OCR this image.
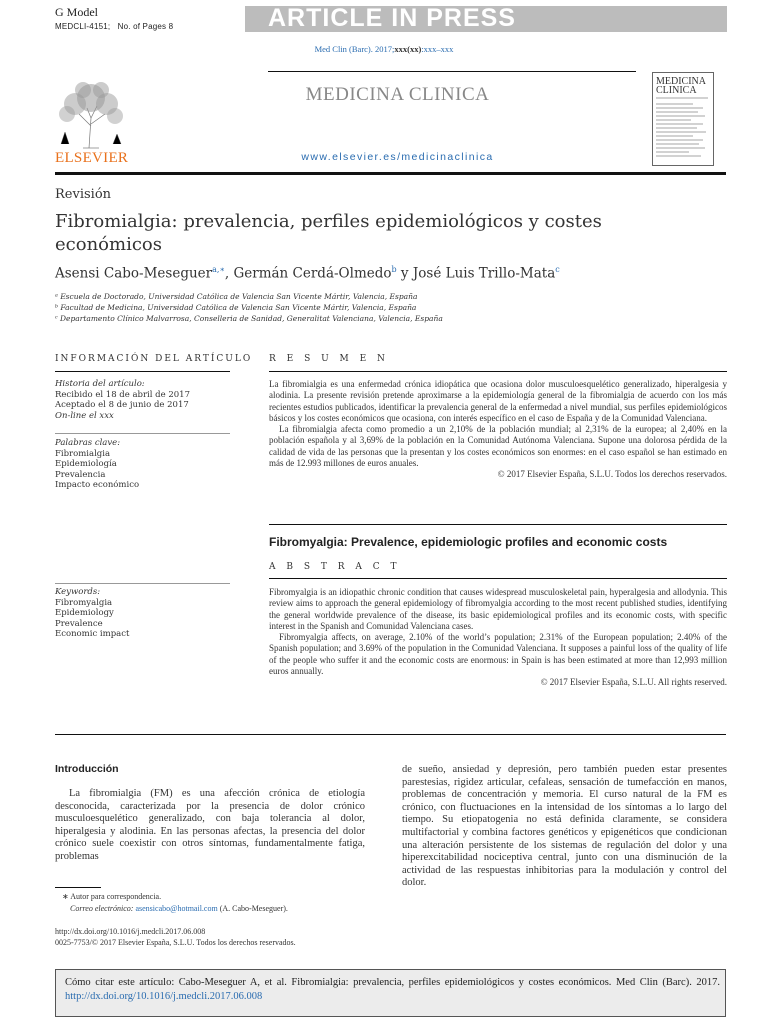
G Model
MEDCLI-4151; No. of Pages 8	ARTICLE IN PRESS
Med Clin (Barc). 2017;xxx(xx):xxx–xxx
ELSEVIER
MEDICINA CLINICA
www.elsevier.es/medicinaclinica
MEDICINA
CLINICA
Revisión
Fibromialgia: prevalencia, perfiles epidemiológicos y costes económicos
Asensi Cabo-Meseguer$^{a,∗}$, Germán Cerdá-Olmedo$^b$ y José Luis Trillo-Mata$^c$
ᵃ Escuela de Doctorado, Universidad Católica de Valencia San Vicente Mártir, Valencia, España
ᵇ Facultad de Medicina, Universidad Católica de Valencia San Vicente Mártir, Valencia, España
ᶜ Departamento Clínico Malvarrosa, Conselleria de Sanidad, Generalitat Valenciana, Valencia, España
INFORMACIÓN DEL ARTÍCULO R E S U M E N
Historia del artículo:
Recibido el 18 de abril de 2017
Aceptado el 8 de junio de 2017
On-line el xxx
Palabras clave:
Fibromialgia
Epidemiología
Prevalencia
Impacto económico

La fibromialgia es una enfermedad crónica idiopática que ocasiona dolor musculoesquelético generalizado, hiperalgesia y alodinia. La presente revisión pretende aproximarse a la epidemiología general de la fibromialgia de acuerdo con los más recientes estudios publicados, identificar la prevalencia general de la enfermedad a nivel mundial, sus perfiles epidemiológicos básicos y los costes económicos que ocasiona, con interés específico en el caso de España y de la Comunidad Valenciana.

La fibromialgia afecta como promedio a un 2,10% de la población mundial; al 2,31% de la europea; al 2,40% en la población española y al 3,69% de la población en la Comunidad Autónoma Valenciana. Supone una dolorosa pérdida de la calidad de vida de las personas que la presentan y los costes económicos son enormes: en el caso español se han estimado en más de 12.993 millones de euros anuales.

© 2017 Elsevier España, S.L.U. Todos los derechos reservados.

Fibromyalgia: Prevalence, epidemiologic profiles and economic costs
A B S T R A C T
Keywords:
Fibromyalgia
Epidemiology
Prevalence
Economic impact

Fibromyalgia is an idiopathic chronic condition that causes widespread musculoskeletal pain, hyperalgesia and allodynia. This review aims to approach the general epidemiology of fibromyalgia according to the most recent published studies, identifying the general worldwide prevalence of the disease, its basic epidemiological profiles and its economic costs, with specific interest in the Spanish and Comunidad Valenciana cases.

Fibromyalgia affects, on average, 2.10% of the world’s population; 2.31% of the European population; 2.40% of the Spanish population; and 3.69% of the population in the Comunidad Valenciana. It supposes a painful loss of the quality of life of the people who suffer it and the economic costs are enormous: in Spain is has been estimated at more than 12,993 million euros annually.

© 2017 Elsevier España, S.L.U. All rights reserved.

Introducción

La fibromialgia (FM) es una afección crónica de etiología desconocida, caracterizada por la presencia de dolor crónico musculoesquelético generalizado, con baja tolerancia al dolor, hiperalgesia y alodinia. En las personas afectas, la presencia del dolor crónico suele coexistir con otros síntomas, fundamentalmente fatiga, problemas

de sueño, ansiedad y depresión, pero también pueden estar presentes parestesias, rigidez articular, cefaleas, sensación de tumefacción en manos, problemas de concentración y memoria. El curso natural de la FM es crónico, con fluctuaciones en la intensidad de los síntomas a lo largo del tiempo. Su etiopatogenia no está definida claramente, se considera multifactorial y combina factores genéticos y epigenéticos que condicionan una alteración persistente de los sistemas de regulación del dolor y una hiperexcitabilidad nociceptiva central, junto con una disminución de la actividad de las respuestas inhibitorias para la modulación y control del dolor.

∗ Autor para correspondencia.
Correo electrónico: asensicabo@hotmail.com (A. Cabo-Meseguer).
http://dx.doi.org/10.1016/j.medcli.2017.06.008
0025-7753/© 2017 Elsevier España, S.L.U. Todos los derechos reservados.
Cómo citar este artículo: Cabo-Meseguer A, et al. Fibromialgia: prevalencia, perfiles epidemiológicos y costes económicos. Med Clin (Barc). 2017. http://dx.doi.org/10.1016/j.medcli.2017.06.008
